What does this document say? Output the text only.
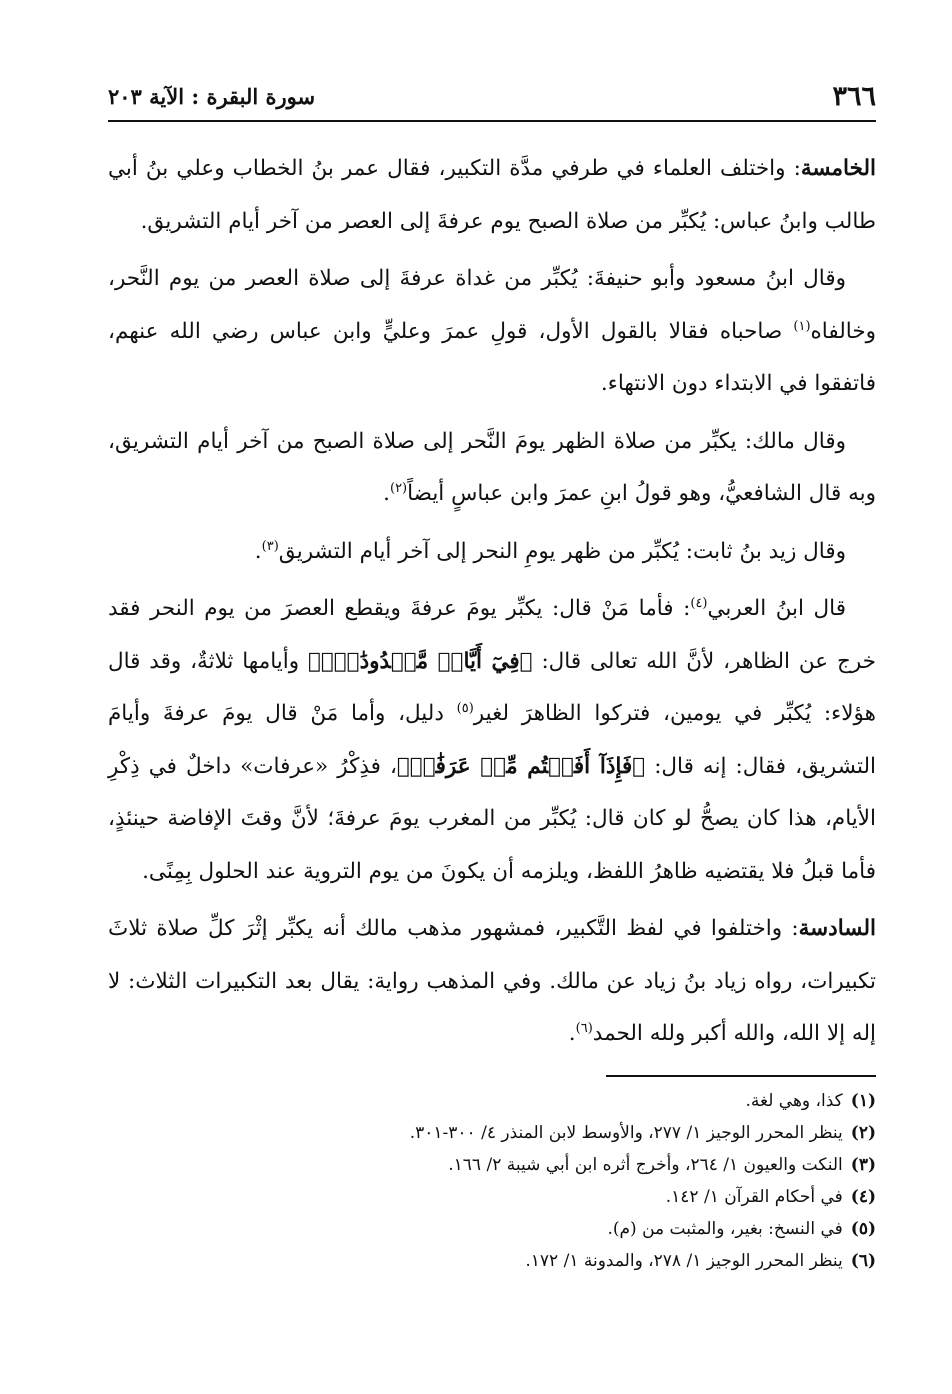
٣٦٦
سورة البقرة : الآية ٢٠٣

الخامسة: واختلف العلماء في طرفي مدَّة التكبير، فقال عمر بنُ الخطاب وعلي بنُ أبي طالب وابنُ عباس: يُكبِّر من صلاة الصبح يوم عرفةَ إلى العصر من آخر أيام التشريق.

وقال ابنُ مسعود وأبو حنيفةَ: يُكبِّر من غداة عرفةَ إلى صلاة العصر من يوم النَّحر، وخالفاه$^{(١)}$ صاحباه فقالا بالقول الأول، قولِ عمرَ وعليٍّ وابن عباس رضي الله عنهم، فاتفقوا في الابتداء دون الانتهاء.

وقال مالك: يكبِّر من صلاة الظهر يومَ النَّحر إلى صلاة الصبح من آخر أيام التشريق، وبه قال الشافعيُّ، وهو قولُ ابنِ عمرَ وابن عباسٍ أيضاً$^{(٢)}$.

وقال زيد بنُ ثابت: يُكبِّر من ظهر يومِ النحر إلى آخر أيام التشريق$^{(٣)}$.

قال ابنُ العربي$^{(٤)}$: فأما مَنْ قال: يكبِّر يومَ عرفةَ ويقطع العصرَ من يوم النحر فقد خرج عن الظاهر، لأنَّ الله تعالى قال: ﴿فِيٓ أَيَّامٖ مَّعۡدُودَٰتٖۚ﴾ وأيامها ثلاثةٌ، وقد قال هؤلاء: يُكبِّر في يومين، فتركوا الظاهرَ لغير$^{(٥)}$ دليل، وأما مَنْ قال يومَ عرفةَ وأيامَ التشريق، فقال: إنه قال: ﴿فَإِذَآ أَفَضۡتُم مِّنۡ عَرَفَٰتٖ﴾، فذِكْرُ «عرفات» داخلٌ في ذِكْرِ الأيام، هذا كان يصحُّ لو كان قال: يُكبِّر من المغرب يومَ عرفةَ؛ لأنَّ وقتَ الإفاضة حينئذٍ، فأما قبلُ فلا يقتضيه ظاهرُ اللفظ، ويلزمه أن يكونَ من يوم التروية عند الحلول بِمِنًى.

السادسة: واختلفوا في لفظ التَّكبير، فمشهور مذهب مالك أنه يكبِّر إثْرَ كلِّ صلاة ثلاثَ تكبيرات، رواه زياد بنُ زياد عن مالك. وفي المذهب رواية: يقال بعد التكبيرات الثلاث: لا إله إلا الله، والله أكبر ولله الحمد$^{(٦)}$.

(١)كذا، وهي لغة.

(٢)ينظر المحرر الوجيز ١/ ٢٧٧، والأوسط لابن المنذر ٤/ ٣٠٠-٣٠١.

(٣)النكت والعيون ١/ ٢٦٤، وأخرج أثره ابن أبي شيبة ٢/ ١٦٦.

(٤)في أحكام القرآن ١/ ١٤٢.

(٥)في النسخ: بغير، والمثبت من (م).

(٦)ينظر المحرر الوجيز ١/ ٢٧٨، والمدونة ١/ ١٧٢.
